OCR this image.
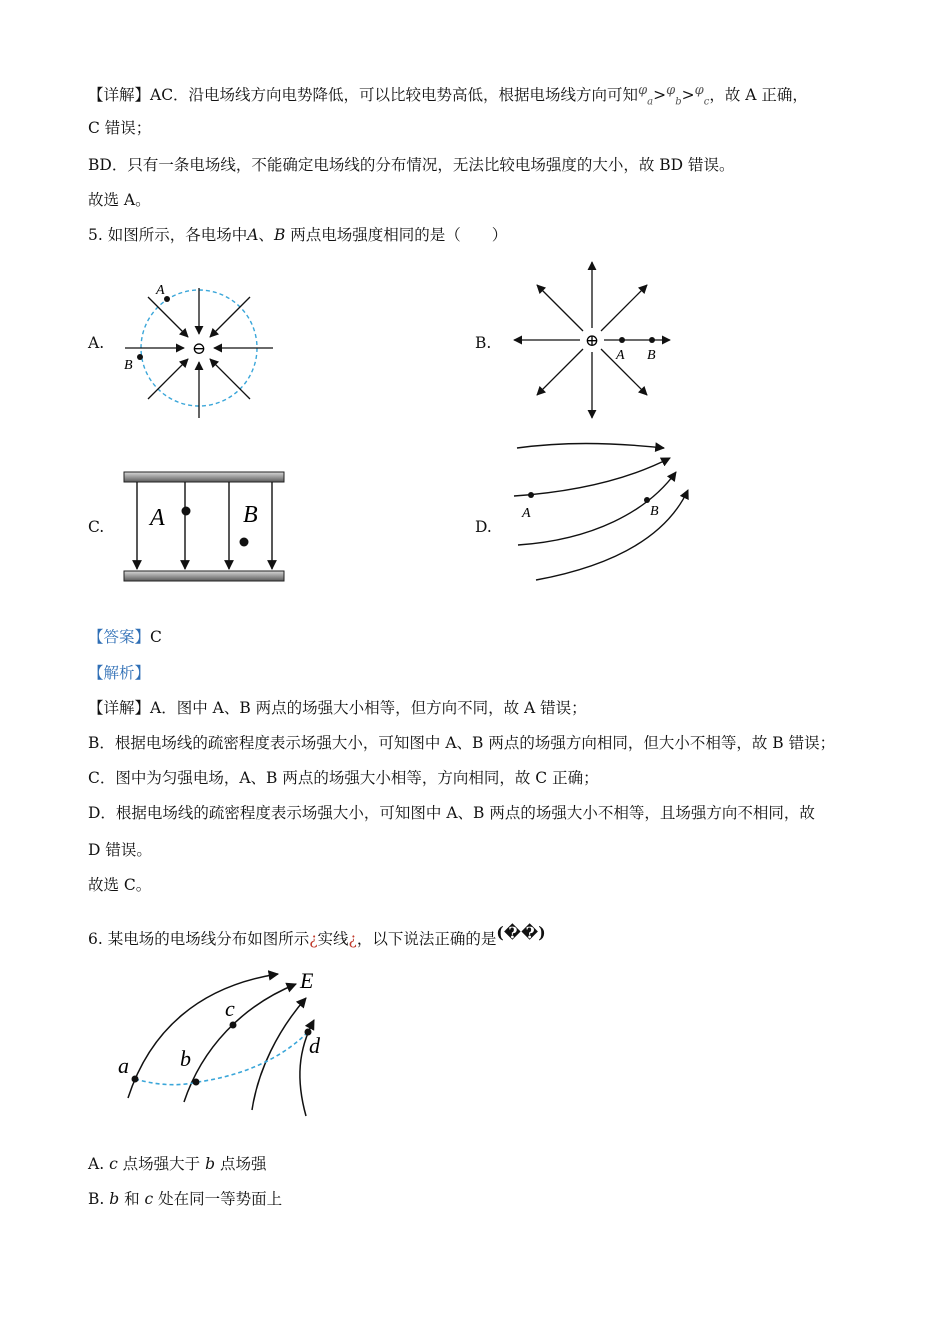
【详解】AC．沿电场线方向电势降低，可以比较电势高低，根据电场线方向可知$^\varphi_a$>$^\varphi_b$>$^\varphi_c$，故 A 正确，
C 错误；
BD．只有一条电场线，不能确定电场线的分布情况，无法比较电场强度的大小，故 BD 错误。
故选 A。
5. 如图所示，各电场中A、B 两点电场强度相同的是（　　）
A.	B.
C.	D.
⊖
A
B
⊕
A B
A	B	A	B
【答案】C
【解析】
【详解】A．图中 A、B 两点的场强大小相等，但方向不同，故 A 错误；
B．根据电场线的疏密程度表示场强大小，可知图中 A、B 两点的场强方向相同，但大小不相等，故 B 错误；
C．图中为匀强电场，A、B 两点的场强大小相等，方向相同，故 C 正确；
D．根据电场线的疏密程度表示场强大小，可知图中 A、B 两点的场强大小不相等，且场强方向不相同，故
D 错误。
故选 C。
6. 某电场的电场线分布如图所示¿实线¿，以下说法正确的是(��)
a b
c
d
E
A. c 点场强大于 b 点场强
B. b 和 c 处在同一等势面上
